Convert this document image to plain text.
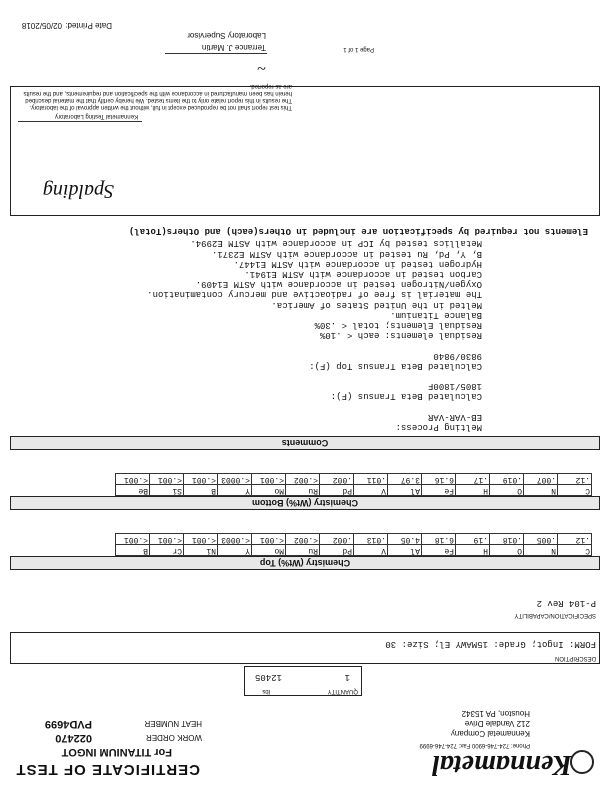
Kennametal
CERTIFICATE OF TEST
For TITANIUM INGOT
WORK ORDER
022470
HEAT NUMBER
PVD4699
Phone: 724-746-6900 Fax: 724-746-6999
Kennametal Company
212 Vandale Drive
Houston, PA 15342
QUANTITY
lbs
12405	1
DESCRIPTION
FORM: Ingot; Grade: 15MAWY El; Size: 30
SPECIFICATION/CAPABILITY
P-104 Rev 2
Chemistry (Wt%) Top
C	N	O	H	Fe	Al	V	Pd	Ru	Mo	Y	Ni	Cr	B
.12	.005	.018	.19	6.18	4.05	.013	.002	<.002	<.001	<.0003	<.001	<.001	<.001
Chemistry (Wt%) Bottom
C	N	O	H	Fe	Al	V	Pd	Ru	Mo	Y	B	Si	Be
.12	.007	.019	.17	6.16	3.97	.011	.002	<.002	<.001	<.0003	<.001	<.001	<.001
Comments
Melting Process:
EB-VAR-VAR

Calculated Beta Transus (F):
1805/1800F

Calculated Beta Transus Top (F):
9830/9840

Residual elements: each < .10%
Residual Elements; total < .30%
Balance Titanium.
Melted in the United States of America.
The material is free of radioactive and mercury contamination.
Oxygen/Nitrogen tested in accordance with ASTM E1409.
Carbon tested in accordance with ASTM E1941.
Hydrogen tested in accordance with ASTM E1447.
B, Y, Pd, Ru tested in accordance with ASTM E2371.
Metallics tested by ICP in accordance with ASTM E2994.
Elements not required by specification are included in Others(each) and Others(Total)
Spalding
Kennametal Testing Laboratory
This test report shall not be reproduced except in full, without the written approval of the laboratory. The results in this report relate only to the items tested. We hereby certify that the material described herein has been manufactured in accordance with the specification and requirements, and the results are as reported.
Page 1 of 1
~
Terrance J. Martin
Laboratory Supervisor
Date Printed:
02/05/2018
